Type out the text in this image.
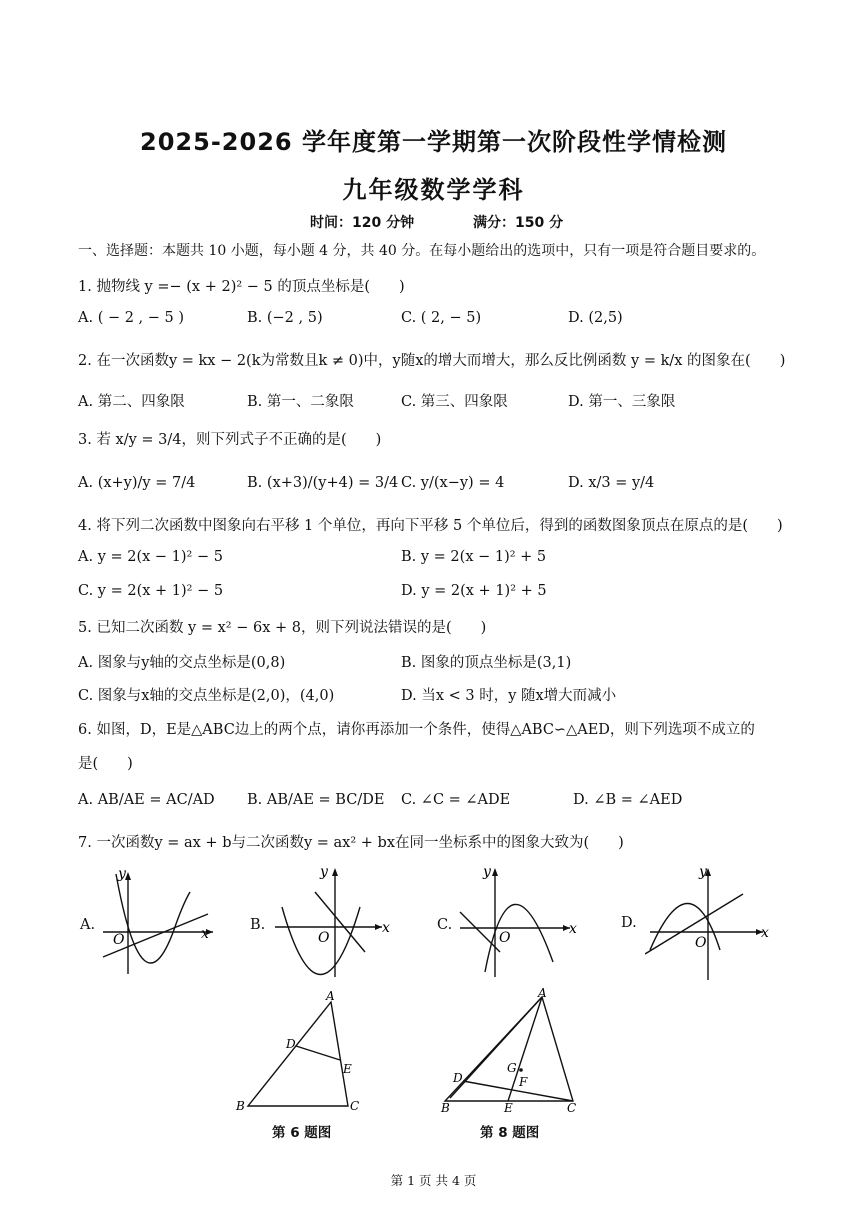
2025-2026 学年度第一学期第一次阶段性学情检测
九年级数学学科
时间：120 分钟	满分：150 分
一、选择题：本题共 10 小题，每小题 4 分，共 40 分。在每小题给出的选项中，只有一项是符合题目要求的。
1. 抛物线 y =− (x + 2)² − 5 的顶点坐标是(　　)
A. ( − 2 , − 5 )	B. (−2 , 5)	C. ( 2, − 5)	D. (2,5)
2. 在一次函数y = kx − 2(k为常数且k ≠ 0)中，y随x的增大而增大，那么反比例函数 y = k/x 的图象在(　　)
A. 第二、四象限	B. 第一、二象限	C. 第三、四象限	D. 第一、三象限
3. 若 x/y = 3/4，则下列式子不正确的是(　　)
A. (x+y)/y = 7/4	B. (x+3)/(y+4) = 3/4 C. y/(x−y) = 4	D. x/3 = y/4
4. 将下列二次函数中图象向右平移 1 个单位，再向下平移 5 个单位后，得到的函数图象顶点在原点的是(　　)
A. y = 2(x − 1)² − 5	B. y = 2(x − 1)² + 5
C. y = 2(x + 1)² − 5	D. y = 2(x + 1)² + 5
5. 已知二次函数 y = x² − 6x + 8，则下列说法错误的是(　　)
A. 图象与y轴的交点坐标是(0,8)	B. 图象的顶点坐标是(3,1)
C. 图象与x轴的交点坐标是(2,0)，(4,0)	D. 当x < 3 时，y 随x增大而减小
6. 如图，D，E是△ABC边上的两个点，请你再添加一个条件，使得△ABC∽△AED，则下列选项不成立的
是(　　)
A. AB/AE = AC/AD B. AB/AE = BC/DE C. ∠C = ∠ADE	D. ∠B = ∠AED
7. 一次函数y = ax + b与二次函数y = ax² + bx在同一坐标系中的图象大致为(　　)
A.	B.	C.	D.
x
y
O
x
y
O
x
y
O	x
y
O
A
D
E
B	C
第 6 题图
A
G
F
D
B	E	C
第 8 题图
第 1 页 共 4 页
